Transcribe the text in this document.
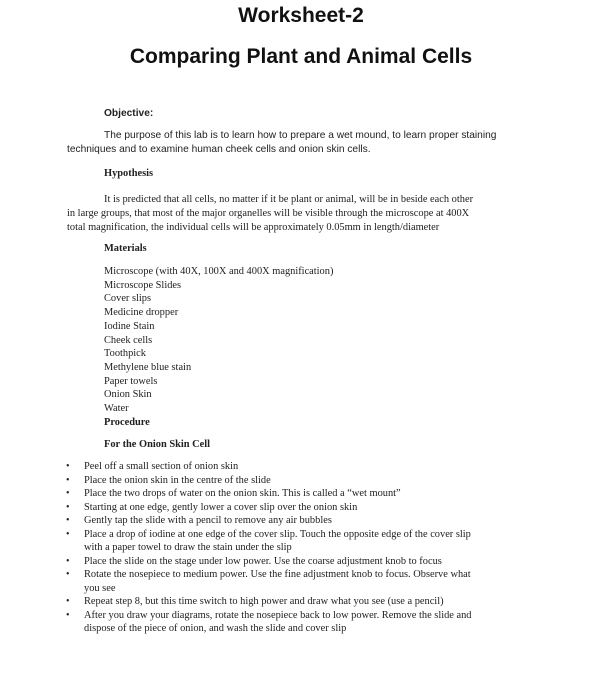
Worksheet-2
Comparing Plant and Animal Cells
Objective:
The purpose of this lab is to learn how to prepare a wet mound, to learn proper staining
techniques and to examine human cheek cells and onion skin cells.
Hypothesis
It is predicted that all cells, no matter if it be plant or animal, will be in beside each other
in large groups, that most of the major organelles will be visible through the microscope at 400X
total magnification, the individual cells will be approximately 0.05mm in length/diameter
Materials
Microscope (with 40X, 100X and 400X magnification)
Microscope Slides
Cover slips
Medicine dropper
Iodine Stain
Cheek cells
Toothpick
Methylene blue stain
Paper towels
Onion Skin
Water
Procedure
For the Onion Skin Cell
• Peel off a small section of onion skin
• Place the onion skin in the centre of the slide
• Place the two drops of water on the onion skin. This is called a “wet mount”
• Starting at one edge, gently lower a cover slip over the onion skin
• Gently tap the slide with a pencil to remove any air bubbles
• Place a drop of iodine at one edge of the cover slip. Touch the opposite edge of the cover slip
with a paper towel to draw the stain under the slip
• Place the slide on the stage under low power. Use the coarse adjustment knob to focus
• Rotate the nosepiece to medium power. Use the fine adjustment knob to focus. Observe what
you see
• Repeat step 8, but this time switch to high power and draw what you see (use a pencil)
• After you draw your diagrams, rotate the nosepiece back to low power. Remove the slide and
dispose of the piece of onion, and wash the slide and cover slip
